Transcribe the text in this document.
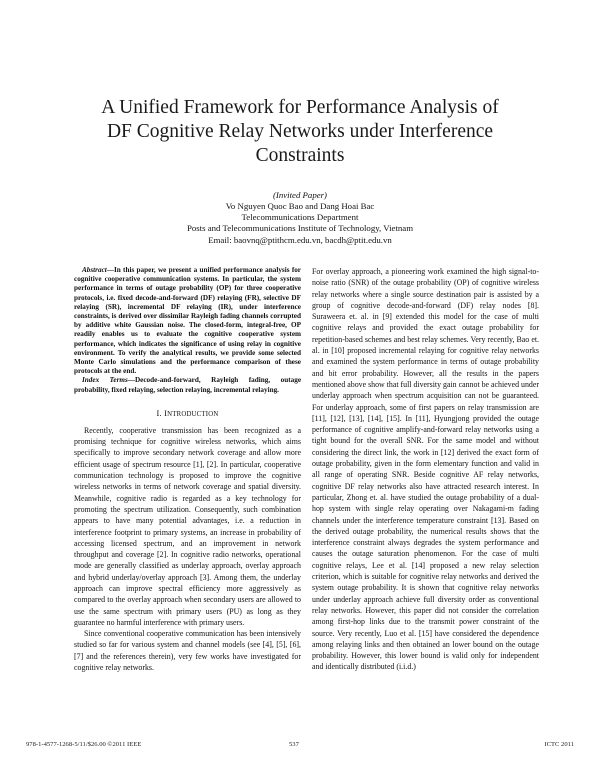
A Unified Framework for Performance Analysis of
DF Cognitive Relay Networks under Interference
Constraints
(Invited Paper)
Vo Nguyen Quoc Bao and Dang Hoai Bac
Telecommunications Department
Posts and Telecommunications Institute of Technology, Vietnam
Email: baovnq@ptithcm.edu.vn, bacdh@ptit.edu.vn

Abstract—In this paper, we present a unified performance analysis for cognitive cooperative communication systems. In particular, the system performance in terms of outage probability (OP) for three cooperative protocols, i.e. fixed decode-and-forward (DF) relaying (FR), selective DF relaying (SR), incremental DF relaying (IR), under interference constraints, is derived over dissimilar Rayleigh fading channels corrupted by additive white Gaussian noise. The closed-form, integral-free, OP readily enables us to evaluate the cognitive cooperative system performance, which indicates the significance of using relay in cognitive environment. To verify the analytical results, we provide some selected Monte Carlo simulations and the performance comparison of these protocols at the end.

Index Terms—Decode-and-forward, Rayleigh fading, outage probability, fixed relaying, selection relaying, incremental relaying.

I. INTRODUCTION

Recently, cooperative transmission has been recognized as a promising technique for cognitive wireless networks, which aims specifically to improve secondary network coverage and allow more efficient usage of spectrum resource [1], [2]. In particular, cooperative communication technology is proposed to improve the cognitive wireless networks in terms of network coverage and spatial diversity. Meanwhile, cognitive radio is regarded as a key technology for promoting the spectrum utilization. Consequently, such combination appears to have many potential advantages, i.e. a reduction in interference footprint to primary systems, an increase in probability of accessing licensed spectrum, and an improvement in network throughput and coverage [2]. In cognitive radio networks, operational mode are generally classified as underlay approach, overlay approach and hybrid underlay/overlay approach [3]. Among them, the underlay approach can improve spectral efficiency more aggressively as compared to the overlay approach when secondary users are allowed to use the same spectrum with primary users (PU) as long as they guarantee no harmful interference with primary users.

Since conventional cooperative communication has been intensively studied so far for various system and channel models (see [4], [5], [6], [7] and the references therein), very few works have investigated for cognitive relay networks.

For overlay approach, a pioneering work examined the high signal-to-noise ratio (SNR) of the outage probability (OP) of cognitive wireless relay networks where a single source destination pair is assisted by a group of cognitive decode-and-forward (DF) relay nodes [8]. Suraweera et. al. in [9] extended this model for the case of multi cognitive relays and provided the exact outage probability for repetition-based schemes and best relay schemes. Very recently, Bao et. al. in [10] proposed incremental relaying for cognitive relay networks and examined the system performance in terms of outage probability and bit error probability. However, all the results in the papers mentioned above show that full diversity gain cannot be achieved under underlay approach when spectrum acquisition can not be guaranteed. For underlay approach, some of first papers on relay transmission are [11], [12], [13], [14], [15]. In [11], Hyungjong provided the outage performance of cognitive amplify-and-forward relay networks using a tight bound for the overall SNR. For the same model and without considering the direct link, the work in [12] derived the exact form of outage probability, given in the form elementary function and valid in all range of operating SNR. Beside cognitive AF relay networks, cognitive DF relay networks also have attracted research interest. In particular, Zhong et. al. have studied the outage probability of a dual-hop system with single relay operating over Nakagami-m fading channels under the interference temperature constraint [13]. Based on the derived outage probability, the numerical results shows that the interference constraint always degrades the system performance and causes the outage saturation phenomenon. For the case of multi cognitive relays, Lee et al. [14] proposed a new relay selection criterion, which is suitable for cognitive relay networks and derived the system outage probability. It is shown that cognitive relay networks under underlay approach achieve full diversity order as conventional relay networks. However, this paper did not consider the correlation among first-hop links due to the transmit power constraint of the source. Very recently, Luo et al. [15] have considered the dependence among relaying links and then obtained an lower bound on the outage probability. However, this lower bound is valid only for independent and identically distributed (i.i.d.)

978-1-4577-1268-5/11/$26.00 ©2011 IEEE	537	ICTC 2011
